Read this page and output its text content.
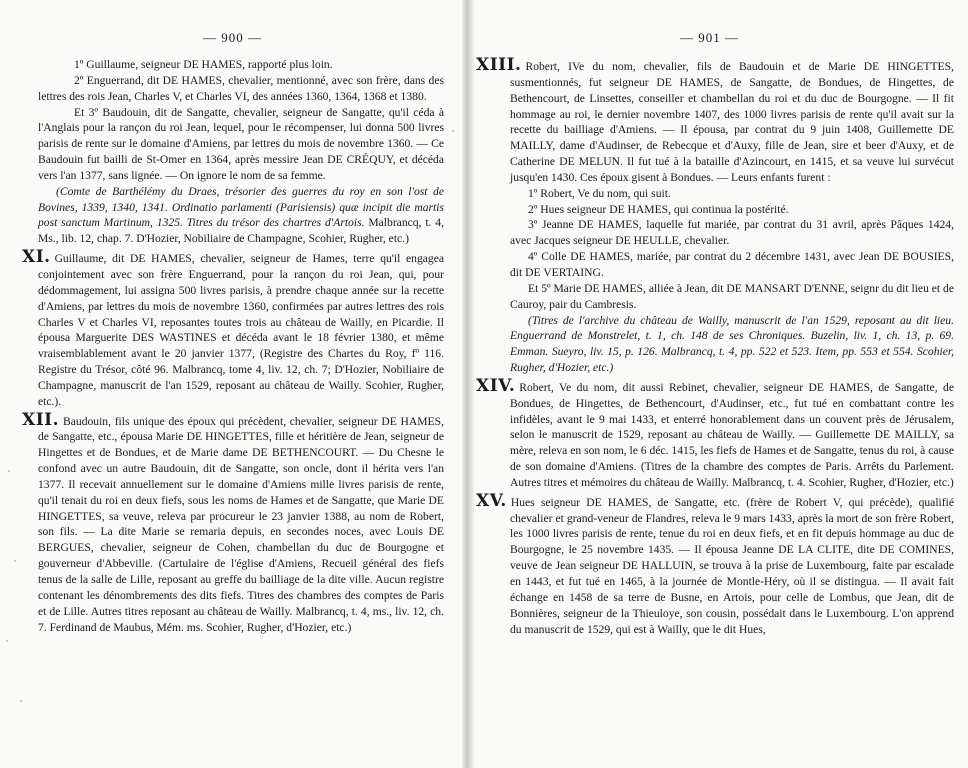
— 900 —

1º Guillaume, seigneur DE HAMES, rapporté plus loin.

2º Enguerrand, dit DE HAMES, chevalier, mentionné, avec son frère, dans des lettres des rois Jean, Charles V, et Charles VI, des années 1360, 1364, 1368 et 1380.

Et 3º Baudouin, dit de Sangatte, chevalier, seigneur de Sangatte, qu'il céda à l'Anglais pour la rançon du roi Jean, lequel, pour le récompenser, lui donna 500 livres parisis de rente sur le domaine d'Amiens, par lettres du mois de novembre 1360. — Ce Baudouin fut bailli de St-Omer en 1364, après messire Jean DE CRÉQUY, et décéda vers l'an 1377, sans lignée. — On ignore le nom de sa femme.

(Comte de Barthélémy du Draes, trésorier des guerres du roy en son l'ost de Bovines, 1339, 1340, 1341. Ordinatio parlamenti (Parisiensis) quæ incipit die martis post sanctum Martinum, 1325. Titres du trésor des chartres d'Artois. Malbrancq, t. 4, Ms., lib. 12, chap. 7. D'Hozier, Nobiliaire de Champagne, Scohier, Rugher, etc.)

XI. Guillaume, dit DE HAMES, chevalier, seigneur de Hames, terre qu'il engagea conjointement avec son frère Enguerrand, pour la rançon du roi Jean, qui, pour dédommagement, lui assigna 500 livres parisis, à prendre chaque année sur la recette d'Amiens, par lettres du mois de novembre 1360, confirmées par autres lettres des rois Charles V et Charles VI, reposantes toutes trois au château de Wailly, en Picardie. Il épousa Marguerite DES WASTINES et décéda avant le 18 février 1380, et même vraisemblablement avant le 20 janvier 1377, (Registre des Chartes du Roy, fº 116. Registre du Trésor, côté 96. Malbrancq, tome 4, liv. 12, ch. 7; D'Hozier, Nobiliaire de Champagne, manuscrit de l'an 1529, reposant au château de Wailly. Scohier, Rugher, etc.).

XII. Baudouin, fils unique des époux qui précèdent, chevalier, seigneur DE HAMES, de Sangatte, etc., épousa Marie DE HINGETTES, fille et héritière de Jean, seigneur de Hingettes et de Bondues, et de Marie dame DE BETHENCOURT. — Du Chesne le confond avec un autre Baudouin, dit de Sangatte, son oncle, dont il hérita vers l'an 1377. Il recevait annuellement sur le domaine d'Amiens mille livres parisis de rente, qu'il tenait du roi en deux fiefs, sous les noms de Hames et de Sangatte, que Marie DE HINGETTES, sa veuve, releva par procureur le 23 janvier 1388, au nom de Robert, son fils. — La dite Marie se remaria depuis, en secondes noces, avec Louis DE BERGUES, chevalier, seigneur de Cohen, chambellan du duc de Bourgogne et gouverneur d'Abbeville. (Cartulaire de l'église d'Amiens, Recueil général des fiefs tenus de la salle de Lille, reposant au greffe du bailliage de la dite ville. Aucun registre contenant les dénombrements des dits fiefs. Titres des chambres des comptes de Paris et de Lille. Autres titres reposant au château de Wailly. Malbrancq, t. 4, ms., liv. 12, ch. 7. Ferdinand de Maubus, Mém. ms. Scohier, Rugher, d'Hozier, etc.)

— 901 —

XIII. Robert, IVe du nom, chevalier, fils de Baudouin et de Marie DE HINGETTES, susmentionnés, fut seigneur DE HAMES, de Sangatte, de Bondues, de Hingettes, de Bethencourt, de Linsettes, conseiller et chambellan du roi et du duc de Bourgogne. — Il fit hommage au roi, le dernier novembre 1407, des 1000 livres parisis de rente qu'il avait sur la recette du bailliage d'Amiens. — Il épousa, par contrat du 9 juin 1408, Guillemette DE MAILLY, dame d'Audinser, de Rebecque et d'Auxy, fille de Jean, sire et beer d'Auxy, et de Catherine DE MELUN. Il fut tué à la bataille d'Azincourt, en 1415, et sa veuve lui survécut jusqu'en 1430. Ces époux gisent à Bondues. — Leurs enfants furent :

1º Robert, Ve du nom, qui suit.

2º Hues seigneur DE HAMES, qui continua la postérité.

3º Jeanne DE HAMES, laquelle fut mariée, par contrat du 31 avril, après Pâques 1424, avec Jacques seigneur DE HEULLE, chevalier.

4º Colle DE HAMES, mariée, par contrat du 2 décembre 1431, avec Jean DE BOUSIES, dit DE VERTAING.

Et 5º Marie DE HAMES, alliée à Jean, dit DE MANSART D'ENNE, seignr du dit lieu et de Cauroy, pair du Cambresis.

(Titres de l'archive du château de Wailly, manuscrit de l'an 1529, reposant au dit lieu. Enguerrand de Monstrelet, t. 1, ch. 148 de ses Chroniques. Buzelin, liv. 1, ch. 13, p. 69. Emman. Sueyro, liv. 15, p. 126. Malbrancq, t. 4, pp. 522 et 523. Item, pp. 553 et 554. Scohier, Rugher, d'Hozier, etc.)

XIV. Robert, Ve du nom, dit aussi Rebinet, chevalier, seigneur DE HAMES, de Sangatte, de Bondues, de Hingettes, de Bethencourt, d'Audinser, etc., fut tué en combattant contre les infidèles, avant le 9 mai 1433, et enterré honorablement dans un couvent près de Jérusalem, selon le manuscrit de 1529, reposant au château de Wailly. — Guillemette DE MAILLY, sa mère, releva en son nom, le 6 déc. 1415, les fiefs de Hames et de Sangatte, tenus du roi, à cause de son domaine d'Amiens. (Titres de la chambre des comptes de Paris. Arrêts du Parlement. Autres titres et mémoires du château de Wailly. Malbrancq, t. 4. Scohier, Rugher, d'Hozier, etc.)

XV. Hues seigneur DE HAMES, de Sangatte, etc. (frère de Robert V, qui précède), qualifié chevalier et grand-veneur de Flandres, releva le 9 mars 1433, après la mort de son frère Robert, les 1000 livres parisis de rente, tenue du roi en deux fiefs, et en fit depuis hommage au duc de Bourgogne, le 25 novembre 1435. — Il épousa Jeanne DE LA CLITE, dite DE COMINES, veuve de Jean seigneur DE HALLUIN, se trouva à la prise de Luxembourg, faite par escalade en 1443, et fut tué en 1465, à la journée de Montle-Héry, où il se distingua. — Il avait fait échange en 1458 de sa terre de Busne, en Artois, pour celle de Lombus, que Jean, dit de Bonnières, seigneur de la Thieuloye, son cousin, possédait dans le Luxembourg. L'on apprend du manuscrit de 1529, qui est à Wailly, que le dit Hues,
